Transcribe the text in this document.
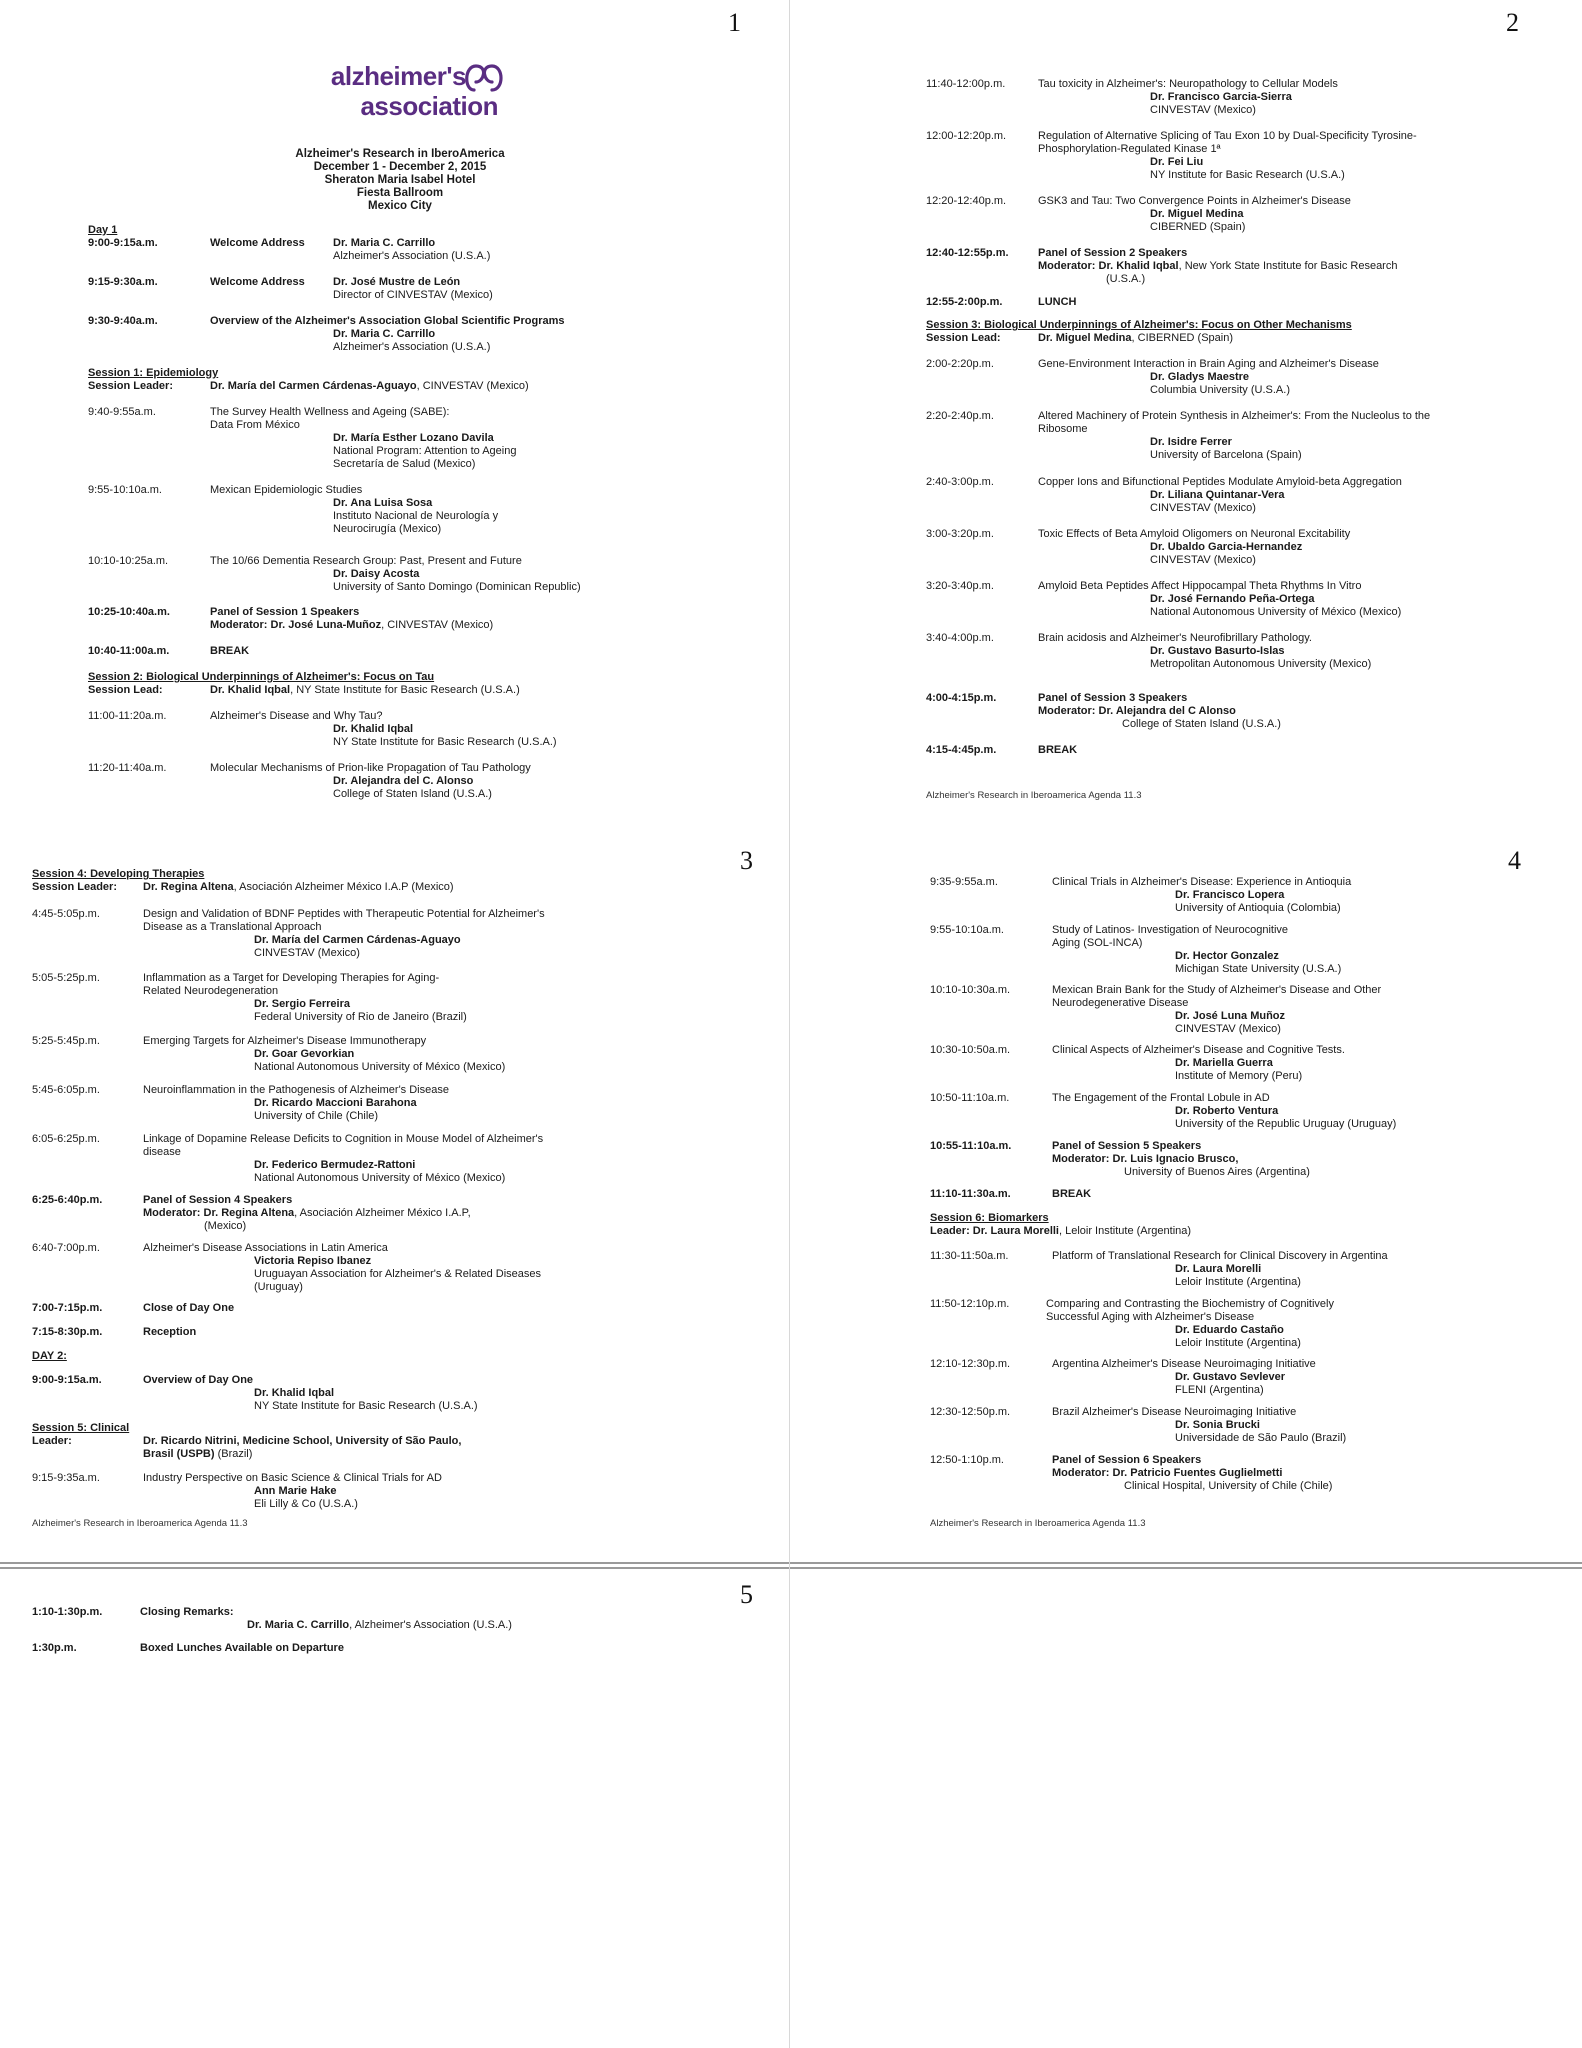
1
alzheimer's
association
Alzheimer's Research in IberoAmerica
December 1 - December 2, 2015
Sheraton Maria Isabel Hotel
Fiesta Ballroom
Mexico City
Day 1
9:00-9:15a.m.	Welcome Address	Dr. Maria C. Carrillo
Alzheimer's Association (U.S.A.)
9:15-9:30a.m.	Welcome Address	Dr. José Mustre de León
Director of CINVESTAV (Mexico)
9:30-9:40a.m.	Overview of the Alzheimer's Association Global Scientific Programs
Dr. Maria C. Carrillo
Alzheimer's Association (U.S.A.)
Session 1: Epidemiology
Session Leader:	Dr. María del Carmen Cárdenas-Aguayo, CINVESTAV (Mexico)
9:40-9:55a.m.	The Survey Health Wellness and Ageing (SABE):
Data From México
Dr. María Esther Lozano Davila
National Program: Attention to Ageing
Secretaría de Salud (Mexico)
9:55-10:10a.m.	Mexican Epidemiologic Studies
Dr. Ana Luisa Sosa
Instituto Nacional de Neurología y
Neurocirugía (Mexico)
10:10-10:25a.m.	The 10/66 Dementia Research Group: Past, Present and Future
Dr. Daisy Acosta
University of Santo Domingo (Dominican Republic)
10:25-10:40a.m.	Panel of Session 1 Speakers
Moderator: Dr. José Luna-Muñoz, CINVESTAV (Mexico)
10:40-11:00a.m.	BREAK
Session 2: Biological Underpinnings of Alzheimer's: Focus on Tau
Session Lead:	Dr. Khalid Iqbal, NY State Institute for Basic Research (U.S.A.)
11:00-11:20a.m.	Alzheimer's Disease and Why Tau?
Dr. Khalid Iqbal
NY State Institute for Basic Research (U.S.A.)
11:20-11:40a.m.	Molecular Mechanisms of Prion-like Propagation of Tau Pathology
Dr. Alejandra del C. Alonso
College of Staten Island (U.S.A.)
2
11:40-12:00p.m.	Tau toxicity in Alzheimer's: Neuropathology to Cellular Models
Dr. Francisco Garcia-Sierra
CINVESTAV (Mexico)
12:00-12:20p.m.	Regulation of Alternative Splicing of Tau Exon 10 by Dual-Specificity Tyrosine-
Phosphorylation-Regulated Kinase 1ª
Dr. Fei Liu
NY Institute for Basic Research (U.S.A.)
12:20-12:40p.m.	GSK3 and Tau: Two Convergence Points in Alzheimer's Disease
Dr. Miguel Medina
CIBERNED (Spain)
12:40-12:55p.m.	Panel of Session 2 Speakers
Moderator: Dr. Khalid Iqbal, New York State Institute for Basic Research
(U.S.A.)
12:55-2:00p.m.	LUNCH
Session 3: Biological Underpinnings of Alzheimer's: Focus on Other Mechanisms
Session Lead:	Dr. Miguel Medina, CIBERNED (Spain)
2:00-2:20p.m.	Gene-Environment Interaction in Brain Aging and Alzheimer's Disease
Dr. Gladys Maestre
Columbia University (U.S.A.)
2:20-2:40p.m.	Altered Machinery of Protein Synthesis in Alzheimer's: From the Nucleolus to the
Ribosome
Dr. Isidre Ferrer
University of Barcelona (Spain)
2:40-3:00p.m.	Copper Ions and Bifunctional Peptides Modulate Amyloid-beta Aggregation
Dr. Liliana Quintanar-Vera
CINVESTAV (Mexico)
3:00-3:20p.m.	Toxic Effects of Beta Amyloid Oligomers on Neuronal Excitability
Dr. Ubaldo Garcia-Hernandez
CINVESTAV (Mexico)
3:20-3:40p.m.	Amyloid Beta Peptides Affect Hippocampal Theta Rhythms In Vitro
Dr. José Fernando Peña-Ortega
National Autonomous University of México (Mexico)
3:40-4:00p.m.	Brain acidosis and Alzheimer's Neurofibrillary Pathology.
Dr. Gustavo Basurto-Islas
Metropolitan Autonomous University (Mexico)
4:00-4:15p.m.	Panel of Session 3 Speakers
Moderator: Dr. Alejandra del C Alonso
College of Staten Island (U.S.A.)
4:15-4:45p.m.	BREAK
Alzheimer's Research in Iberoamerica Agenda 11.3
3
Session 4: Developing Therapies
Session Leader: Dr. Regina Altena, Asociación Alzheimer México I.A.P (Mexico)
4:45-5:05p.m.	Design and Validation of BDNF Peptides with Therapeutic Potential for Alzheimer's
Disease as a Translational Approach
Dr. María del Carmen Cárdenas-Aguayo
CINVESTAV (Mexico)
5:05-5:25p.m.	Inflammation as a Target for Developing Therapies for Aging-
Related Neurodegeneration
Dr. Sergio Ferreira
Federal University of Rio de Janeiro (Brazil)
5:25-5:45p.m.	Emerging Targets for Alzheimer's Disease Immunotherapy
Dr. Goar Gevorkian
National Autonomous University of México (Mexico)
5:45-6:05p.m.	Neuroinflammation in the Pathogenesis of Alzheimer's Disease
Dr. Ricardo Maccioni Barahona
University of Chile (Chile)
6:05-6:25p.m.	Linkage of Dopamine Release Deficits to Cognition in Mouse Model of Alzheimer's
disease
Dr. Federico Bermudez-Rattoni
National Autonomous University of México (Mexico)
6:25-6:40p.m.	Panel of Session 4 Speakers
Moderator: Dr. Regina Altena, Asociación Alzheimer México I.A.P,
(Mexico)
6:40-7:00p.m.	Alzheimer's Disease Associations in Latin America
Victoria Repiso Ibanez
Uruguayan Association for Alzheimer's & Related Diseases
(Uruguay)
7:00-7:15p.m.	Close of Day One
7:15-8:30p.m.	Reception
DAY 2:
9:00-9:15a.m.	Overview of Day One
Dr. Khalid Iqbal
NY State Institute for Basic Research (U.S.A.)
Session 5: Clinical
Leader:	Dr. Ricardo Nitrini, Medicine School, University of São Paulo,
Brasil (USPB) (Brazil)
9:15-9:35a.m.	Industry Perspective on Basic Science & Clinical Trials for AD
Ann Marie Hake
Eli Lilly & Co (U.S.A.)
Alzheimer's Research in Iberoamerica Agenda 11.3
4
9:35-9:55a.m.	Clinical Trials in Alzheimer's Disease: Experience in Antioquia
Dr. Francisco Lopera
University of Antioquia (Colombia)
9:55-10:10a.m.	Study of Latinos- Investigation of Neurocognitive
Aging (SOL-INCA)
Dr. Hector Gonzalez
Michigan State University (U.S.A.)
10:10-10:30a.m.	Mexican Brain Bank for the Study of Alzheimer's Disease and Other
Neurodegenerative Disease
Dr. José Luna Muñoz
CINVESTAV (Mexico)
10:30-10:50a.m.	Clinical Aspects of Alzheimer's Disease and Cognitive Tests.
Dr. Mariella Guerra
Institute of Memory (Peru)
10:50-11:10a.m.	The Engagement of the Frontal Lobule in AD
Dr. Roberto Ventura
University of the Republic Uruguay (Uruguay)
10:55-11:10a.m.	Panel of Session 5 Speakers
Moderator: Dr. Luis Ignacio Brusco,
University of Buenos Aires (Argentina)
11:10-11:30a.m.	BREAK
Session 6: Biomarkers
Leader: Dr. Laura Morelli, Leloir Institute (Argentina)
11:30-11:50a.m.	Platform of Translational Research for Clinical Discovery in Argentina
Dr. Laura Morelli
Leloir Institute (Argentina)
11:50-12:10p.m.	Comparing and Contrasting the Biochemistry of Cognitively
Successful Aging with Alzheimer's Disease
Dr. Eduardo Castaño
Leloir Institute (Argentina)
12:10-12:30p.m.	Argentina Alzheimer's Disease Neuroimaging Initiative
Dr. Gustavo Sevlever
FLENI (Argentina)
12:30-12:50p.m.	Brazil Alzheimer's Disease Neuroimaging Initiative
Dr. Sonia Brucki
Universidade de São Paulo (Brazil)
12:50-1:10p.m.	Panel of Session 6 Speakers
Moderator: Dr. Patricio Fuentes Guglielmetti
Clinical Hospital, University of Chile (Chile)
Alzheimer's Research in Iberoamerica Agenda 11.3
5
1:10-1:30p.m.	Closing Remarks:
Dr. Maria C. Carrillo, Alzheimer's Association (U.S.A.)
1:30p.m.	Boxed Lunches Available on Departure
